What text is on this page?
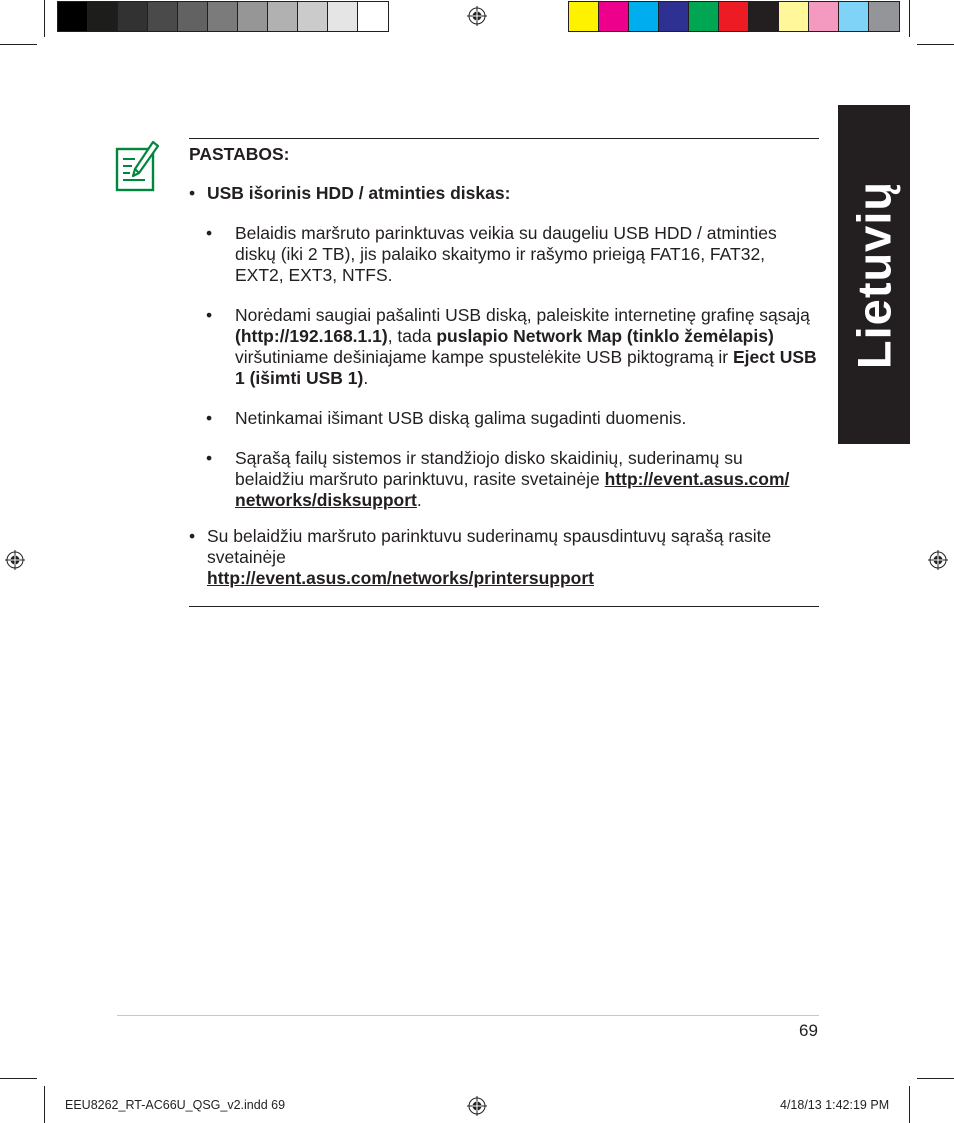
Lietuvių
PASTABOS:
• USB išorinis HDD / atminties diskas:
• Belaidis maršruto parinktuvas veikia su daugeliu USB HDD / atminties diskų (iki 2 TB), jis palaiko skaitymo ir rašymo prieigą FAT16, FAT32, EXT2, EXT3, NTFS.
• Norėdami saugiai pašalinti USB diską, paleiskite internetinę grafinę sąsają (http://192.168.1.1), tada puslapio Network Map (tinklo žemėlapis) viršutiniame dešiniajame kampe spustelėkite USB piktogramą ir Eject USB 1 (išimti USB 1).
• Netinkamai išimant USB diską galima sugadinti duomenis.
• Sąrašą failų sistemos ir standžiojo disko skaidinių, suderinamų su belaidžiu maršruto parinktuvu, rasite svetainėje http://event.asus.com/ networks/disksupport.
• Su belaidžiu maršruto parinktuvu suderinamų spausdintuvų sąrašą rasite svetainėje
http://event.asus.com/networks/printersupport
69
EEU8262_RT-AC66U_QSG_v2.indd 69	4/18/13 1:42:19 PM
